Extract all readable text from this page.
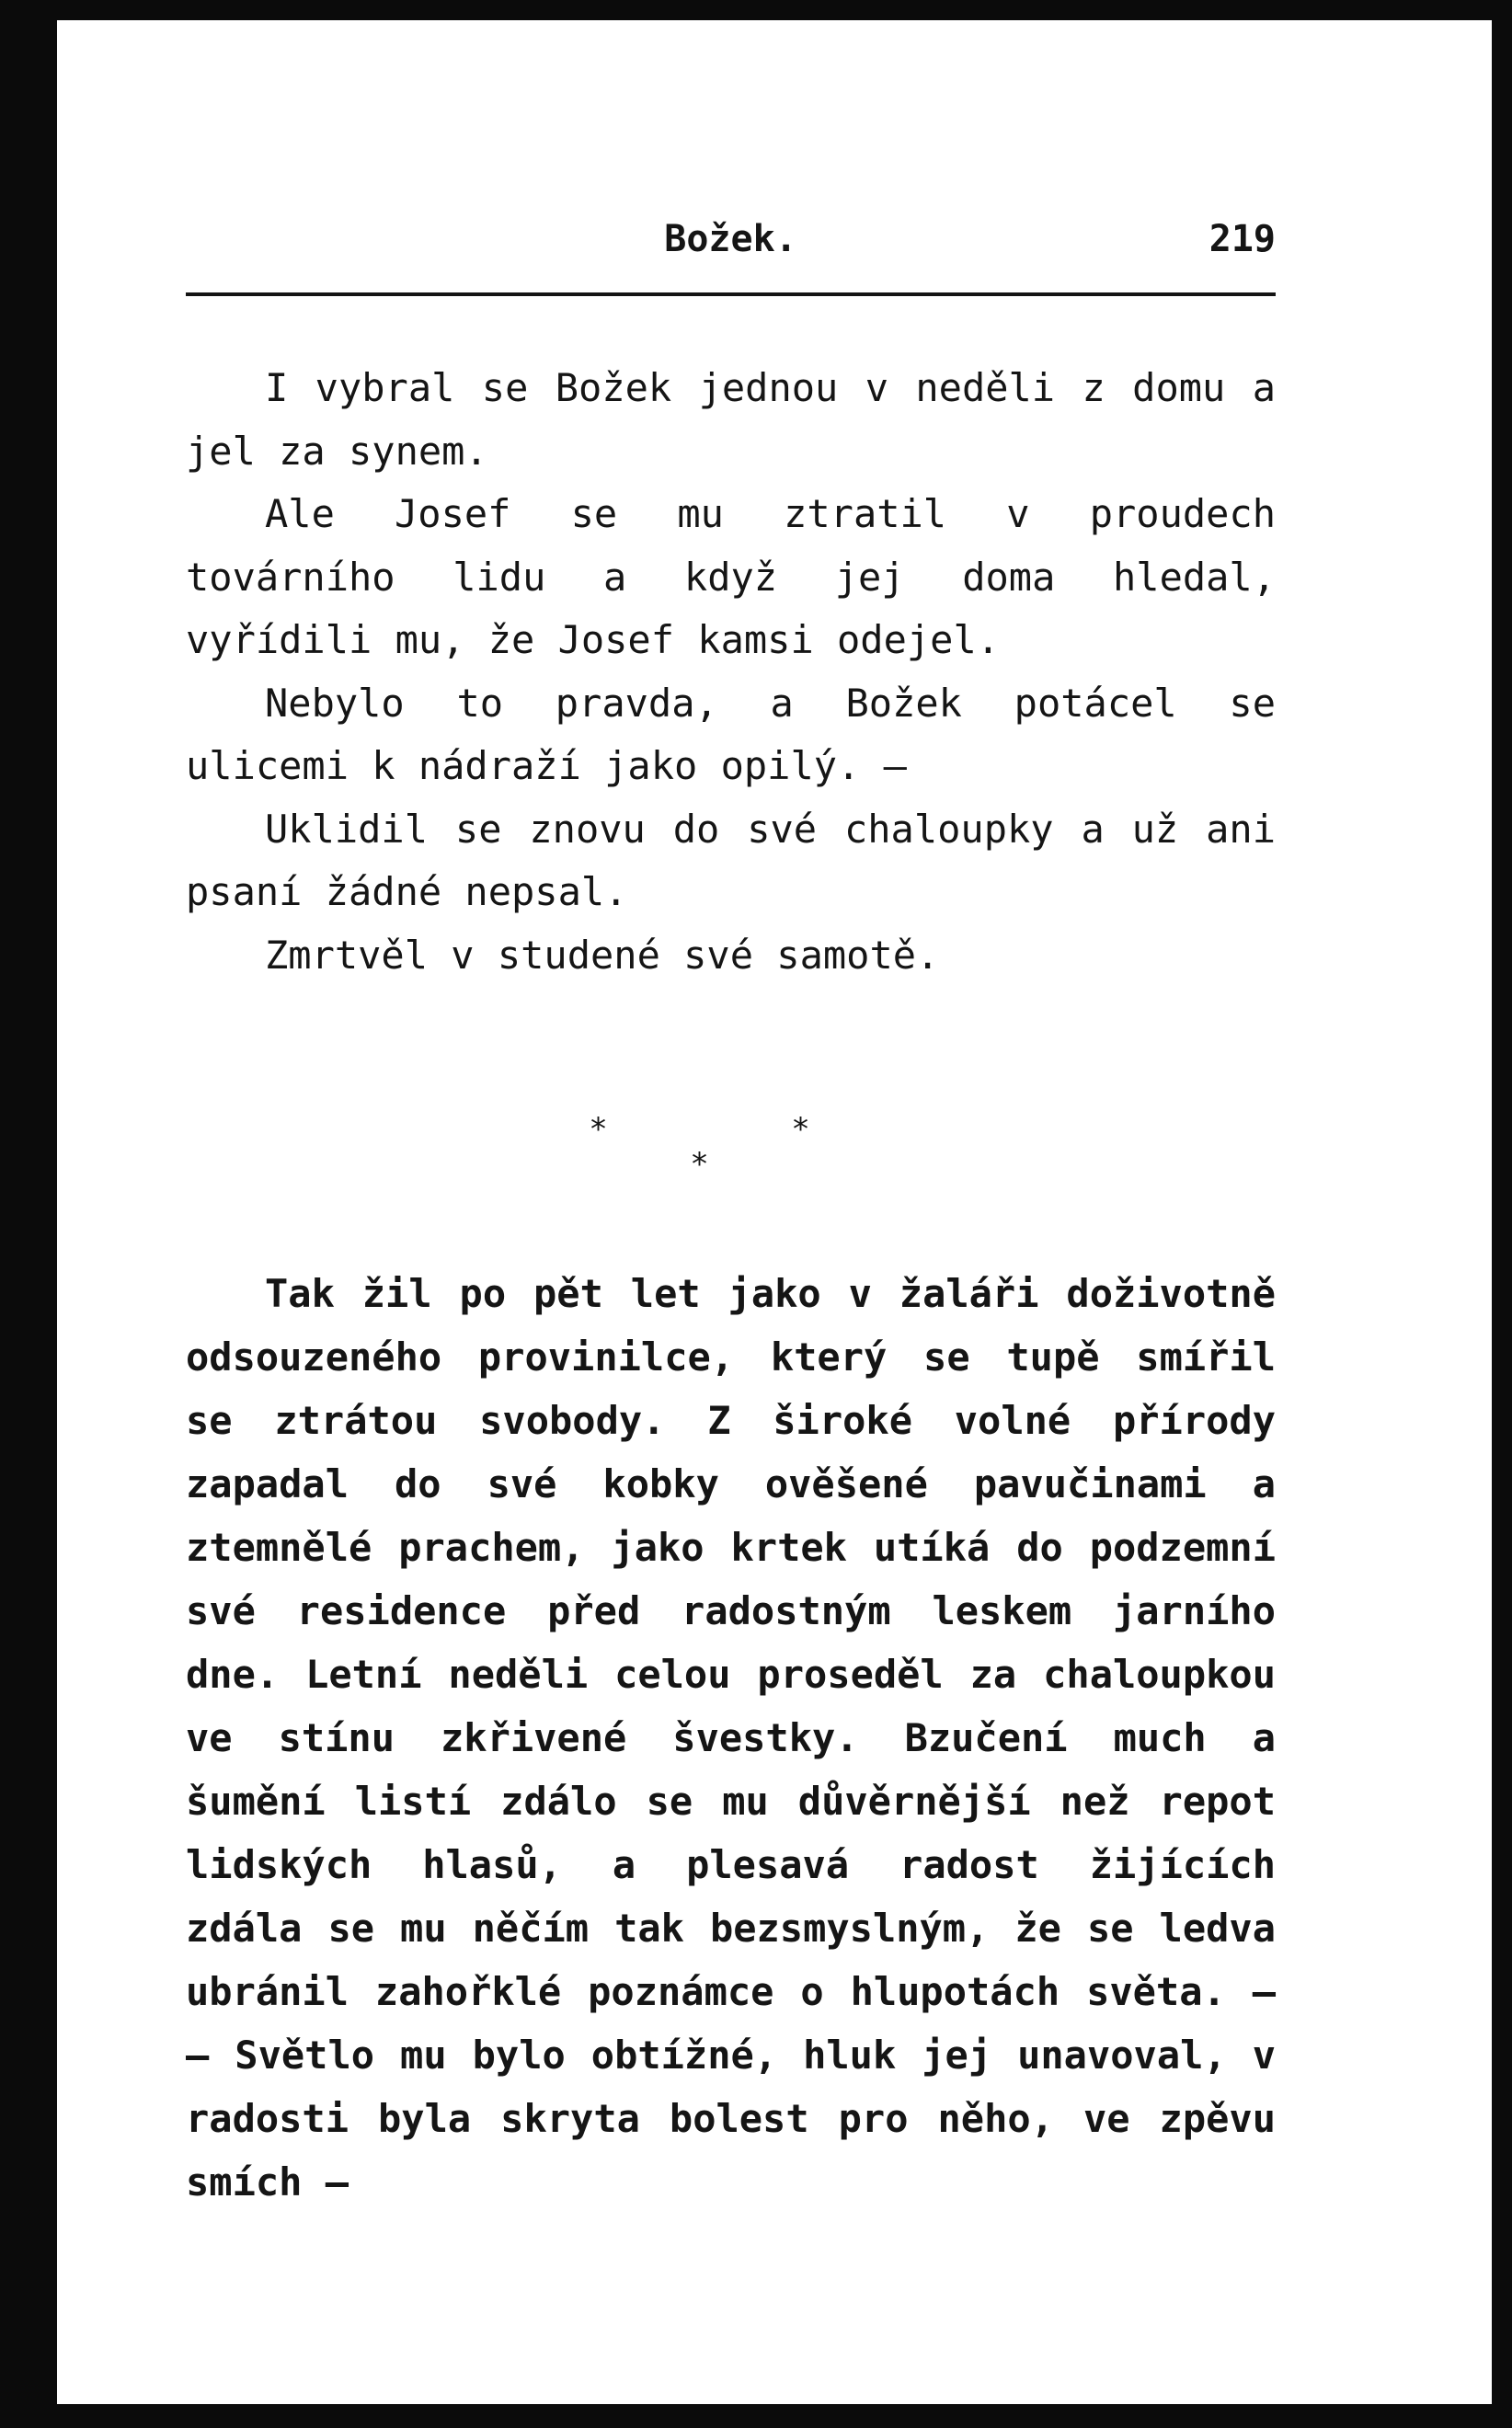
Božek.	219

I vybral se Božek jednou v neděli z domu a jel za synem.

Ale Josef se mu ztratil v proudech továrního lidu a když jej doma hledal, vyřídili mu, že Josef kamsi odejel.

Nebylo to pravda, a Božek potácel se ulicemi k nádraží jako opilý. —

Uklidil se znovu do své chaloupky a už ani psaní žádné nepsal.

Zmrtvěl v studené své samotě.

*	*
*

Tak žil po pět let jako v žaláři doživotně odsouzeného provinilce, který se tupě smířil se ztrátou svobody. Z široké volné přírody zapadal do své kobky ověšené pavučinami a ztemnělé prachem, jako krtek utíká do podzemní své residence před radostným leskem jarního dne. Letní neděli celou proseděl za chaloupkou ve stínu zkřivené švestky. Bzučení much a šumění listí zdálo se mu důvěrnější než repot lidských hlasů, a plesavá radost žijících zdála se mu něčím tak bezsmyslným, že se ledva ubránil zahořklé poznámce o hlupotách světa. — — Světlo mu bylo obtížné, hluk jej unavoval, v radosti byla skryta bolest pro něho, ve zpěvu smích —
